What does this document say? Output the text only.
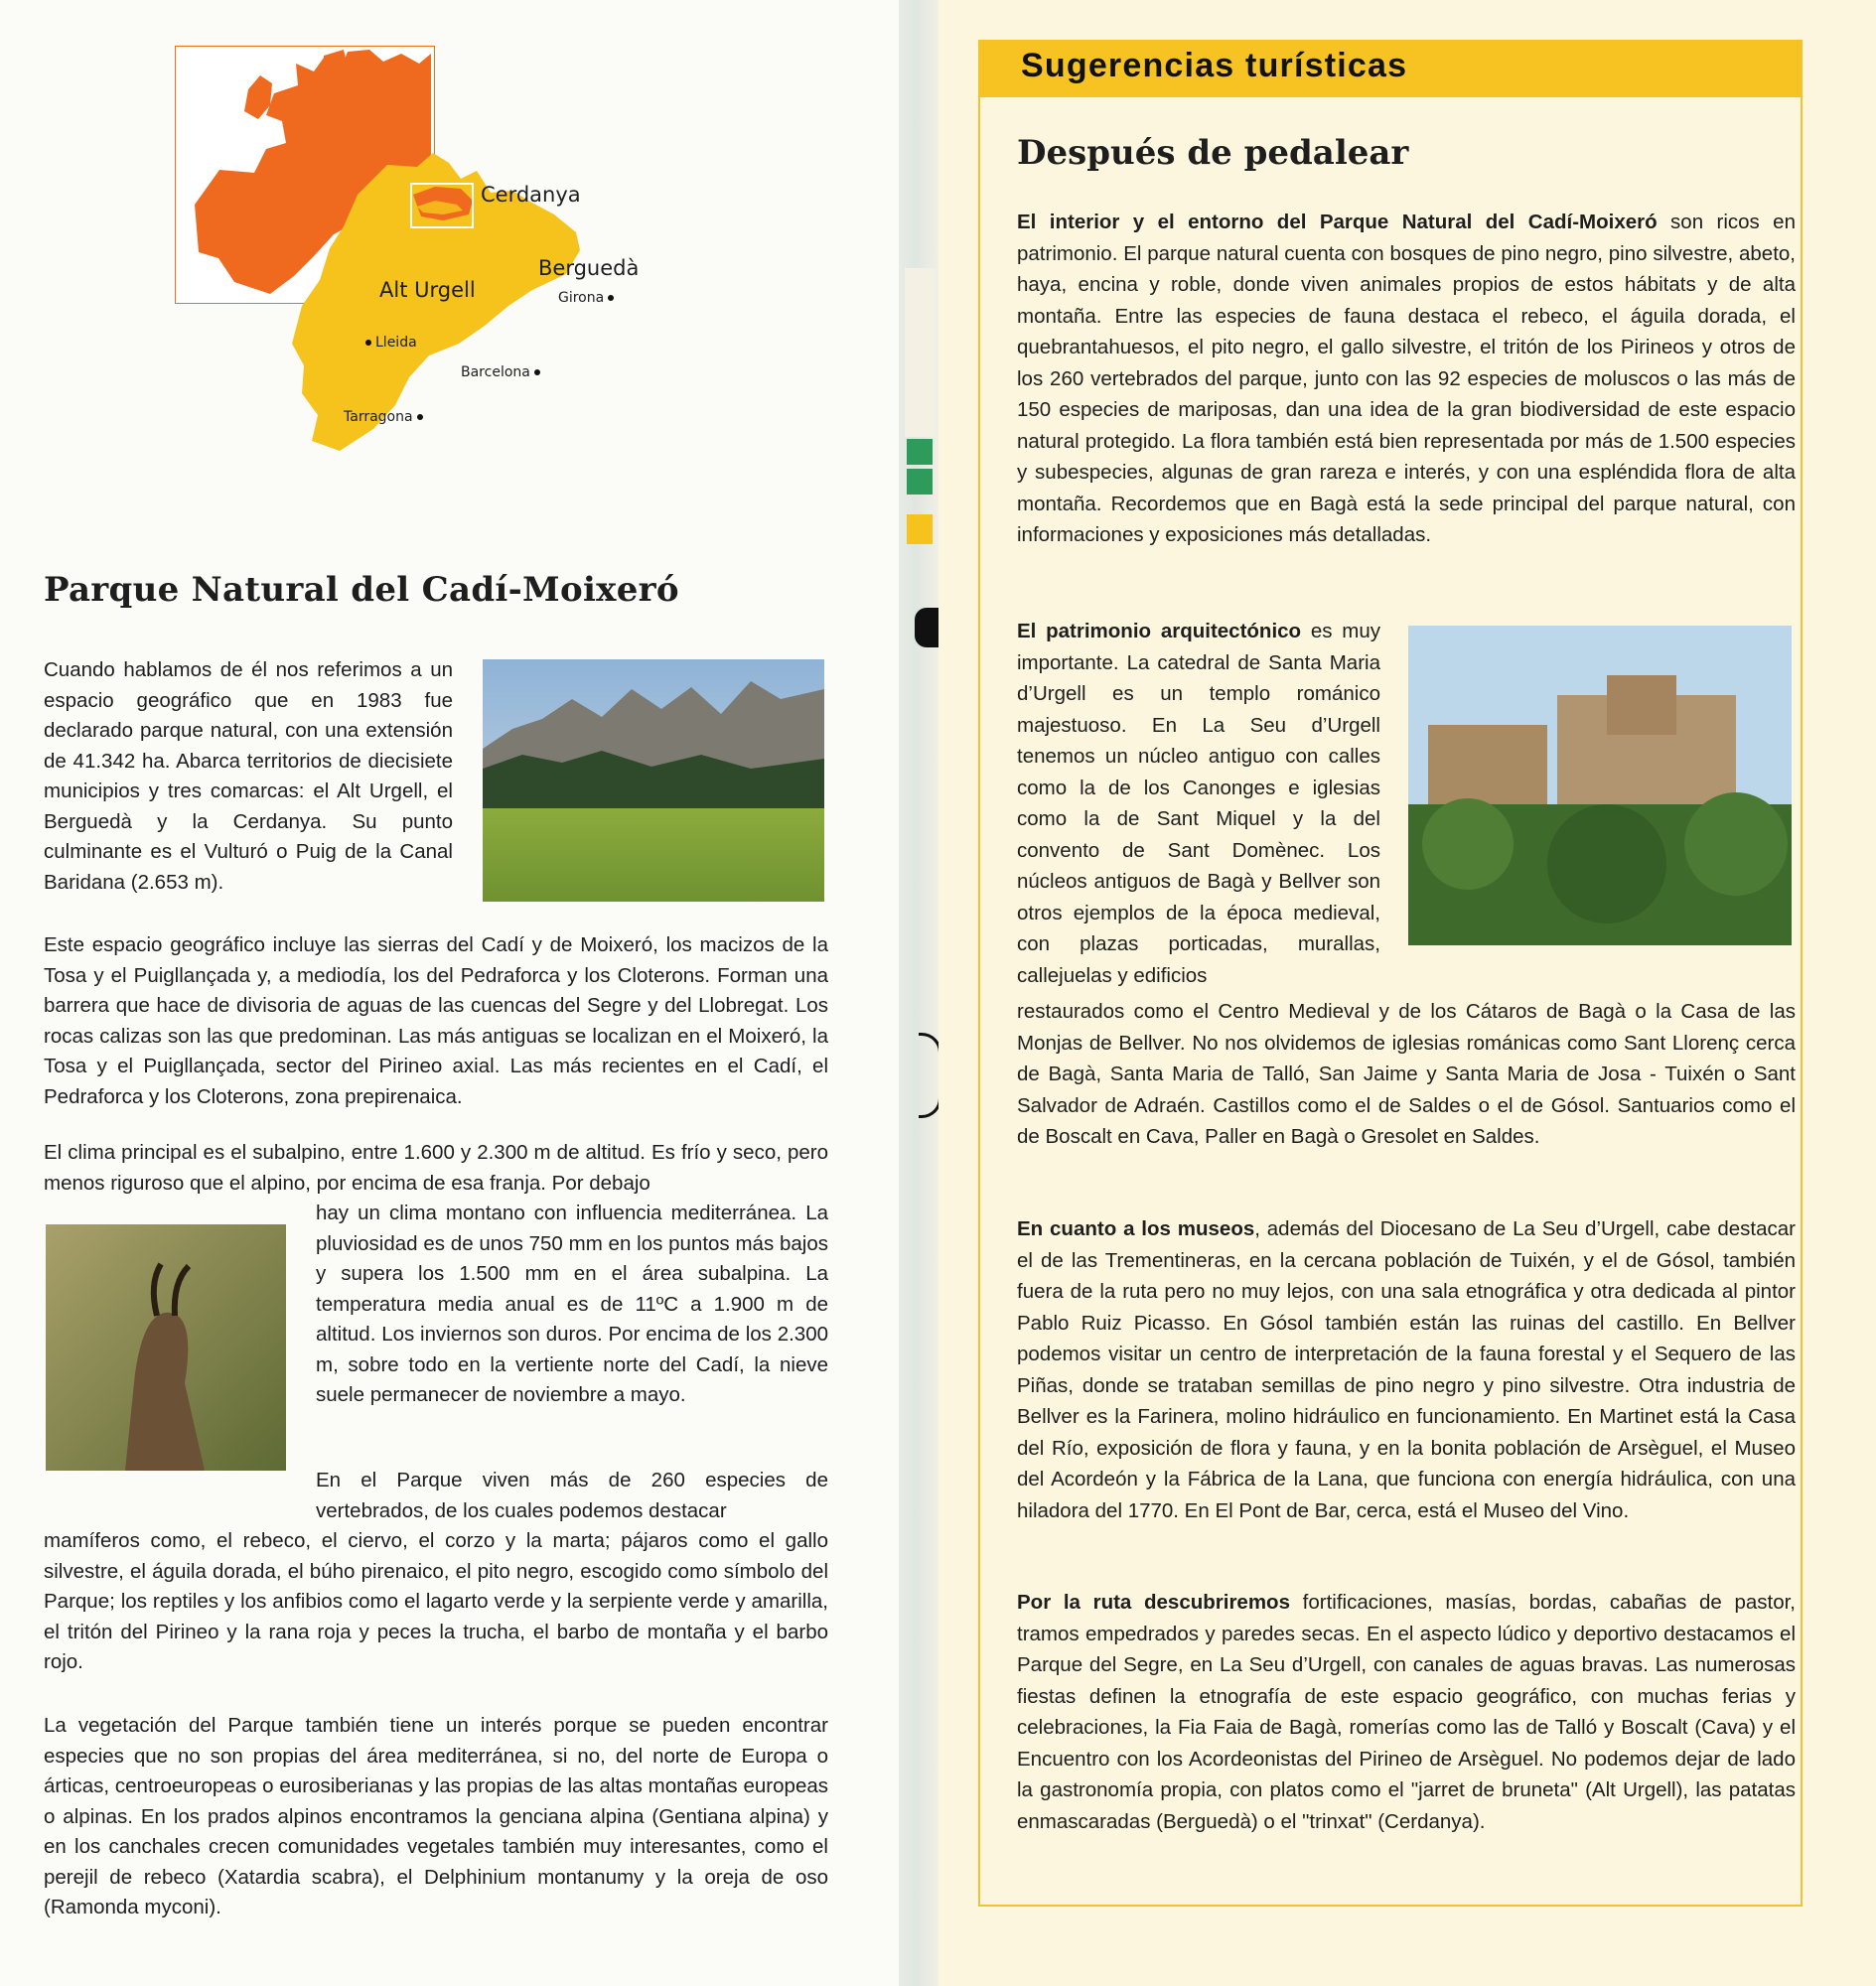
Cerdanya
Berguedà
Alt Urgell	Girona
Lleida
Barcelona
Tarragona
Parque Natural del Cadí-Moixeró

Cuando hablamos de él nos referimos a un espacio geográfico que en 1983 fue declarado parque natural, con una extensión de 41.342 ha. Abarca territorios de diecisiete municipios y tres comarcas: el Alt Urgell, el Berguedà y la Cerdanya. Su punto culminante es el Vulturó o Puig de la Canal Baridana (2.653 m).

Este espacio geográfico incluye las sierras del Cadí y de Moixeró, los macizos de la Tosa y el Puigllançada y, a mediodía, los del Pedraforca y los Cloterons. Forman una barrera que hace de divisoria de aguas de las cuencas del Segre y del Llobregat. Los rocas calizas son las que predominan. Las más antiguas se localizan en el Moixeró, la Tosa y el Puigllançada, sector del Pirineo axial. Las más recientes en el Cadí, el Pedraforca y los Cloterons, zona prepirenaica.

El clima principal es el subalpino, entre 1.600 y 2.300 m de altitud. Es frío y seco, pero menos riguroso que el alpino, por encima de esa franja. Por debajo

hay un clima montano con influencia mediterránea. La pluviosidad es de unos 750 mm en los puntos más bajos y supera los 1.500 mm en el área subalpina. La temperatura media anual es de 11ºC a 1.900 m de altitud. Los inviernos son duros. Por encima de los 2.300 m, sobre todo en la vertiente norte del Cadí, la nieve suele permanecer de noviembre a mayo.

En el Parque viven más de 260 especies de vertebrados, de los cuales podemos destacar

mamíferos como, el rebeco, el ciervo, el corzo y la marta; pájaros como el gallo silvestre, el águila dorada, el búho pirenaico, el pito negro, escogido como símbolo del Parque; los reptiles y los anfibios como el lagarto verde y la serpiente verde y amarilla, el tritón del Pirineo y la rana roja y peces la trucha, el barbo de montaña y el barbo rojo.

La vegetación del Parque también tiene un interés porque se pueden encontrar especies que no son propias del área mediterránea, si no, del norte de Europa o árticas, centroeuropeas o eurosiberianas y las propias de las altas montañas europeas o alpinas. En los prados alpinos encontramos la genciana alpina (Gentiana alpina) y en los canchales crecen comunidades vegetales también muy interesantes, como el perejil de rebeco (Xatardia scabra), el Delphinium montanumy y la oreja de oso (Ramonda myconi).

Sugerencias turísticas
Después de pedalear

El interior y el entorno del Parque Natural del Cadí-Moixeró son ricos en patrimonio. El parque natural cuenta con bosques de pino negro, pino silvestre, abeto, haya, encina y roble, donde viven animales propios de estos hábitats y de alta montaña. Entre las especies de fauna destaca el rebeco, el águila dorada, el quebrantahuesos, el pito negro, el gallo silvestre, el tritón de los Pirineos y otros de los 260 vertebrados del parque, junto con las 92 especies de moluscos o las más de 150 especies de mariposas, dan una idea de la gran biodiversidad de este espacio natural protegido. La flora también está bien representada por más de 1.500 especies y subespecies, algunas de gran rareza e interés, y con una espléndida flora de alta montaña. Recordemos que en Bagà está la sede principal del parque natural, con informaciones y exposiciones más detalladas.

El patrimonio arquitectónico es muy importante. La catedral de Santa Maria d’Urgell es un templo románico majestuoso. En La Seu d’Urgell tenemos un núcleo antiguo con calles como la de los Canonges e iglesias como la de Sant Miquel y la del convento de Sant Domènec. Los núcleos antiguos de Bagà y Bellver son otros ejemplos de la época medieval, con plazas porticadas, murallas, callejuelas y edificios

restaurados como el Centro Medieval y de los Cátaros de Bagà o la Casa de las Monjas de Bellver. No nos olvidemos de iglesias románicas como Sant Llorenç cerca de Bagà, Santa Maria de Talló, San Jaime y Santa Maria de Josa - Tuixén o Sant Salvador de Adraén. Castillos como el de Saldes o el de Gósol. Santuarios como el de Boscalt en Cava, Paller en Bagà o Gresolet en Saldes.

En cuanto a los museos, además del Diocesano de La Seu d’Urgell, cabe destacar el de las Trementineras, en la cercana población de Tuixén, y el de Gósol, también fuera de la ruta pero no muy lejos, con una sala etnográfica y otra dedicada al pintor Pablo Ruiz Picasso. En Gósol también están las ruinas del castillo. En Bellver podemos visitar un centro de interpretación de la fauna forestal y el Sequero de las Piñas, donde se trataban semillas de pino negro y pino silvestre. Otra industria de Bellver es la Farinera, molino hidráulico en funcionamiento. En Martinet está la Casa del Río, exposición de flora y fauna, y en la bonita población de Arsèguel, el Museo del Acordeón y la Fábrica de la Lana, que funciona con energía hidráulica, con una hiladora del 1770. En El Pont de Bar, cerca, está el Museo del Vino.

Por la ruta descubriremos fortificaciones, masías, bordas, cabañas de pastor, tramos empedrados y paredes secas. En el aspecto lúdico y deportivo destacamos el Parque del Segre, en La Seu d’Urgell, con canales de aguas bravas. Las numerosas fiestas definen la etnografía de este espacio geográfico, con muchas ferias y celebraciones, la Fia Faia de Bagà, romerías como las de Talló y Boscalt (Cava) y el Encuentro con los Acordeonistas del Pirineo de Arsèguel. No podemos dejar de lado la gastronomía propia, con platos como el "jarret de bruneta" (Alt Urgell), las patatas enmascaradas (Berguedà) o el "trinxat" (Cerdanya).
